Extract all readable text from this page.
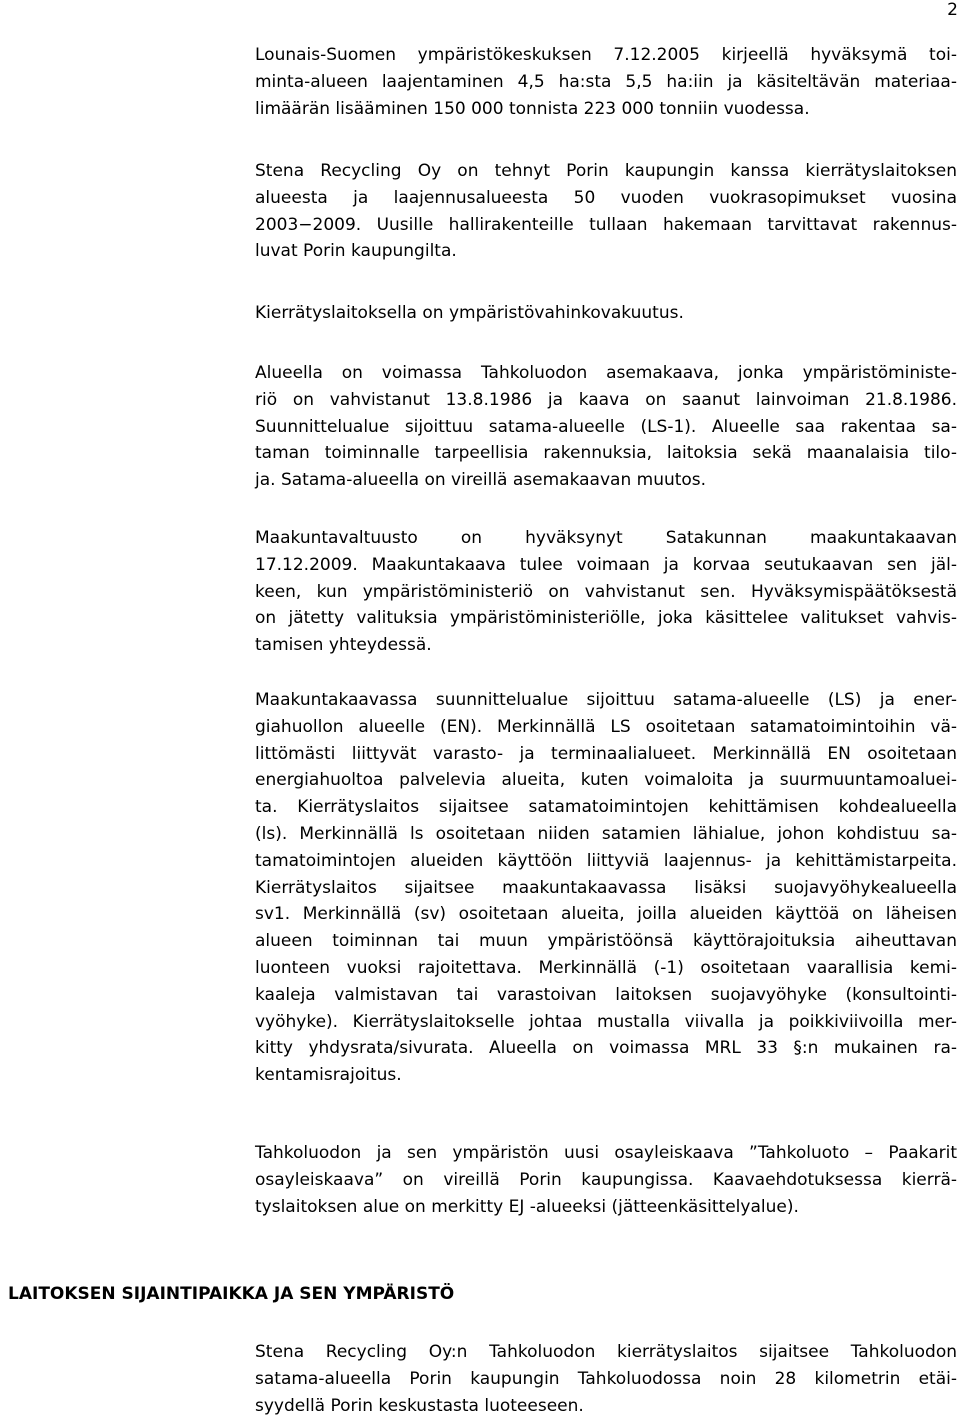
2
Lounais-Suomen ympäristökeskuksen 7.12.2005 kirjeellä hyväksymä toi-
minta-alueen laajentaminen 4,5 ha:sta 5,5 ha:iin ja käsiteltävän materiaa-
limäärän lisääminen 150 000 tonnista 223 000 tonniin vuodessa.
Stena Recycling Oy on tehnyt Porin kaupungin kanssa kierrätyslaitoksen
alueesta ja laajennusalueesta 50 vuoden vuokrasopimukset vuosina
2003−2009. Uusille hallirakenteille tullaan hakemaan tarvittavat rakennus-
luvat Porin kaupungilta.
Kierrätyslaitoksella on ympäristövahinkovakuutus.
Alueella on voimassa Tahkoluodon asemakaava, jonka ympäristöministe-
riö on vahvistanut 13.8.1986 ja kaava on saanut lainvoiman 21.8.1986.
Suunnittelualue sijoittuu satama-alueelle (LS-1). Alueelle saa rakentaa sa-
taman toiminnalle tarpeellisia rakennuksia, laitoksia sekä maanalaisia tilo-
ja. Satama-alueella on vireillä asemakaavan muutos.
Maakuntavaltuusto on hyväksynyt Satakunnan maakuntakaavan
17.12.2009. Maakuntakaava tulee voimaan ja korvaa seutukaavan sen jäl-
keen, kun ympäristöministeriö on vahvistanut sen. Hyväksymispäätöksestä
on jätetty valituksia ympäristöministeriölle, joka käsittelee valitukset vahvis-
tamisen yhteydessä.
Maakuntakaavassa suunnittelualue sijoittuu satama-alueelle (LS) ja ener-
giahuollon alueelle (EN). Merkinnällä LS osoitetaan satamatoimintoihin vä-
littömästi liittyvät varasto- ja terminaalialueet. Merkinnällä EN osoitetaan
energiahuoltoa palvelevia alueita, kuten voimaloita ja suurmuuntamoaluei-
ta. Kierrätyslaitos sijaitsee satamatoimintojen kehittämisen kohdealueella
(ls). Merkinnällä ls osoitetaan niiden satamien lähialue, johon kohdistuu sa-
tamatoimintojen alueiden käyttöön liittyviä laajennus- ja kehittämistarpeita.
Kierrätyslaitos sijaitsee maakuntakaavassa lisäksi suojavyöhykealueella
sv1. Merkinnällä (sv) osoitetaan alueita, joilla alueiden käyttöä on läheisen
alueen toiminnan tai muun ympäristöönsä käyttörajoituksia aiheuttavan
luonteen vuoksi rajoitettava. Merkinnällä (-1) osoitetaan vaarallisia kemi-
kaaleja valmistavan tai varastoivan laitoksen suojavyöhyke (konsultointi-
vyöhyke). Kierrätyslaitokselle johtaa mustalla viivalla ja poikkiviivoilla mer-
kitty yhdysrata/sivurata. Alueella on voimassa MRL 33 §:n mukainen ra-
kentamisrajoitus.
Tahkoluodon ja sen ympäristön uusi osayleiskaava ”Tahkoluoto – Paakarit
osayleiskaava” on vireillä Porin kaupungissa. Kaavaehdotuksessa kierrä-
tyslaitoksen alue on merkitty EJ -alueeksi (jätteenkäsittelyalue).
LAITOKSEN SIJAINTIPAIKKA JA SEN YMPÄRISTÖ
Stena Recycling Oy:n Tahkoluodon kierrätyslaitos sijaitsee Tahkoluodon
satama-alueella Porin kaupungin Tahkoluodossa noin 28 kilometrin etäi-
syydellä Porin keskustasta luoteeseen.
